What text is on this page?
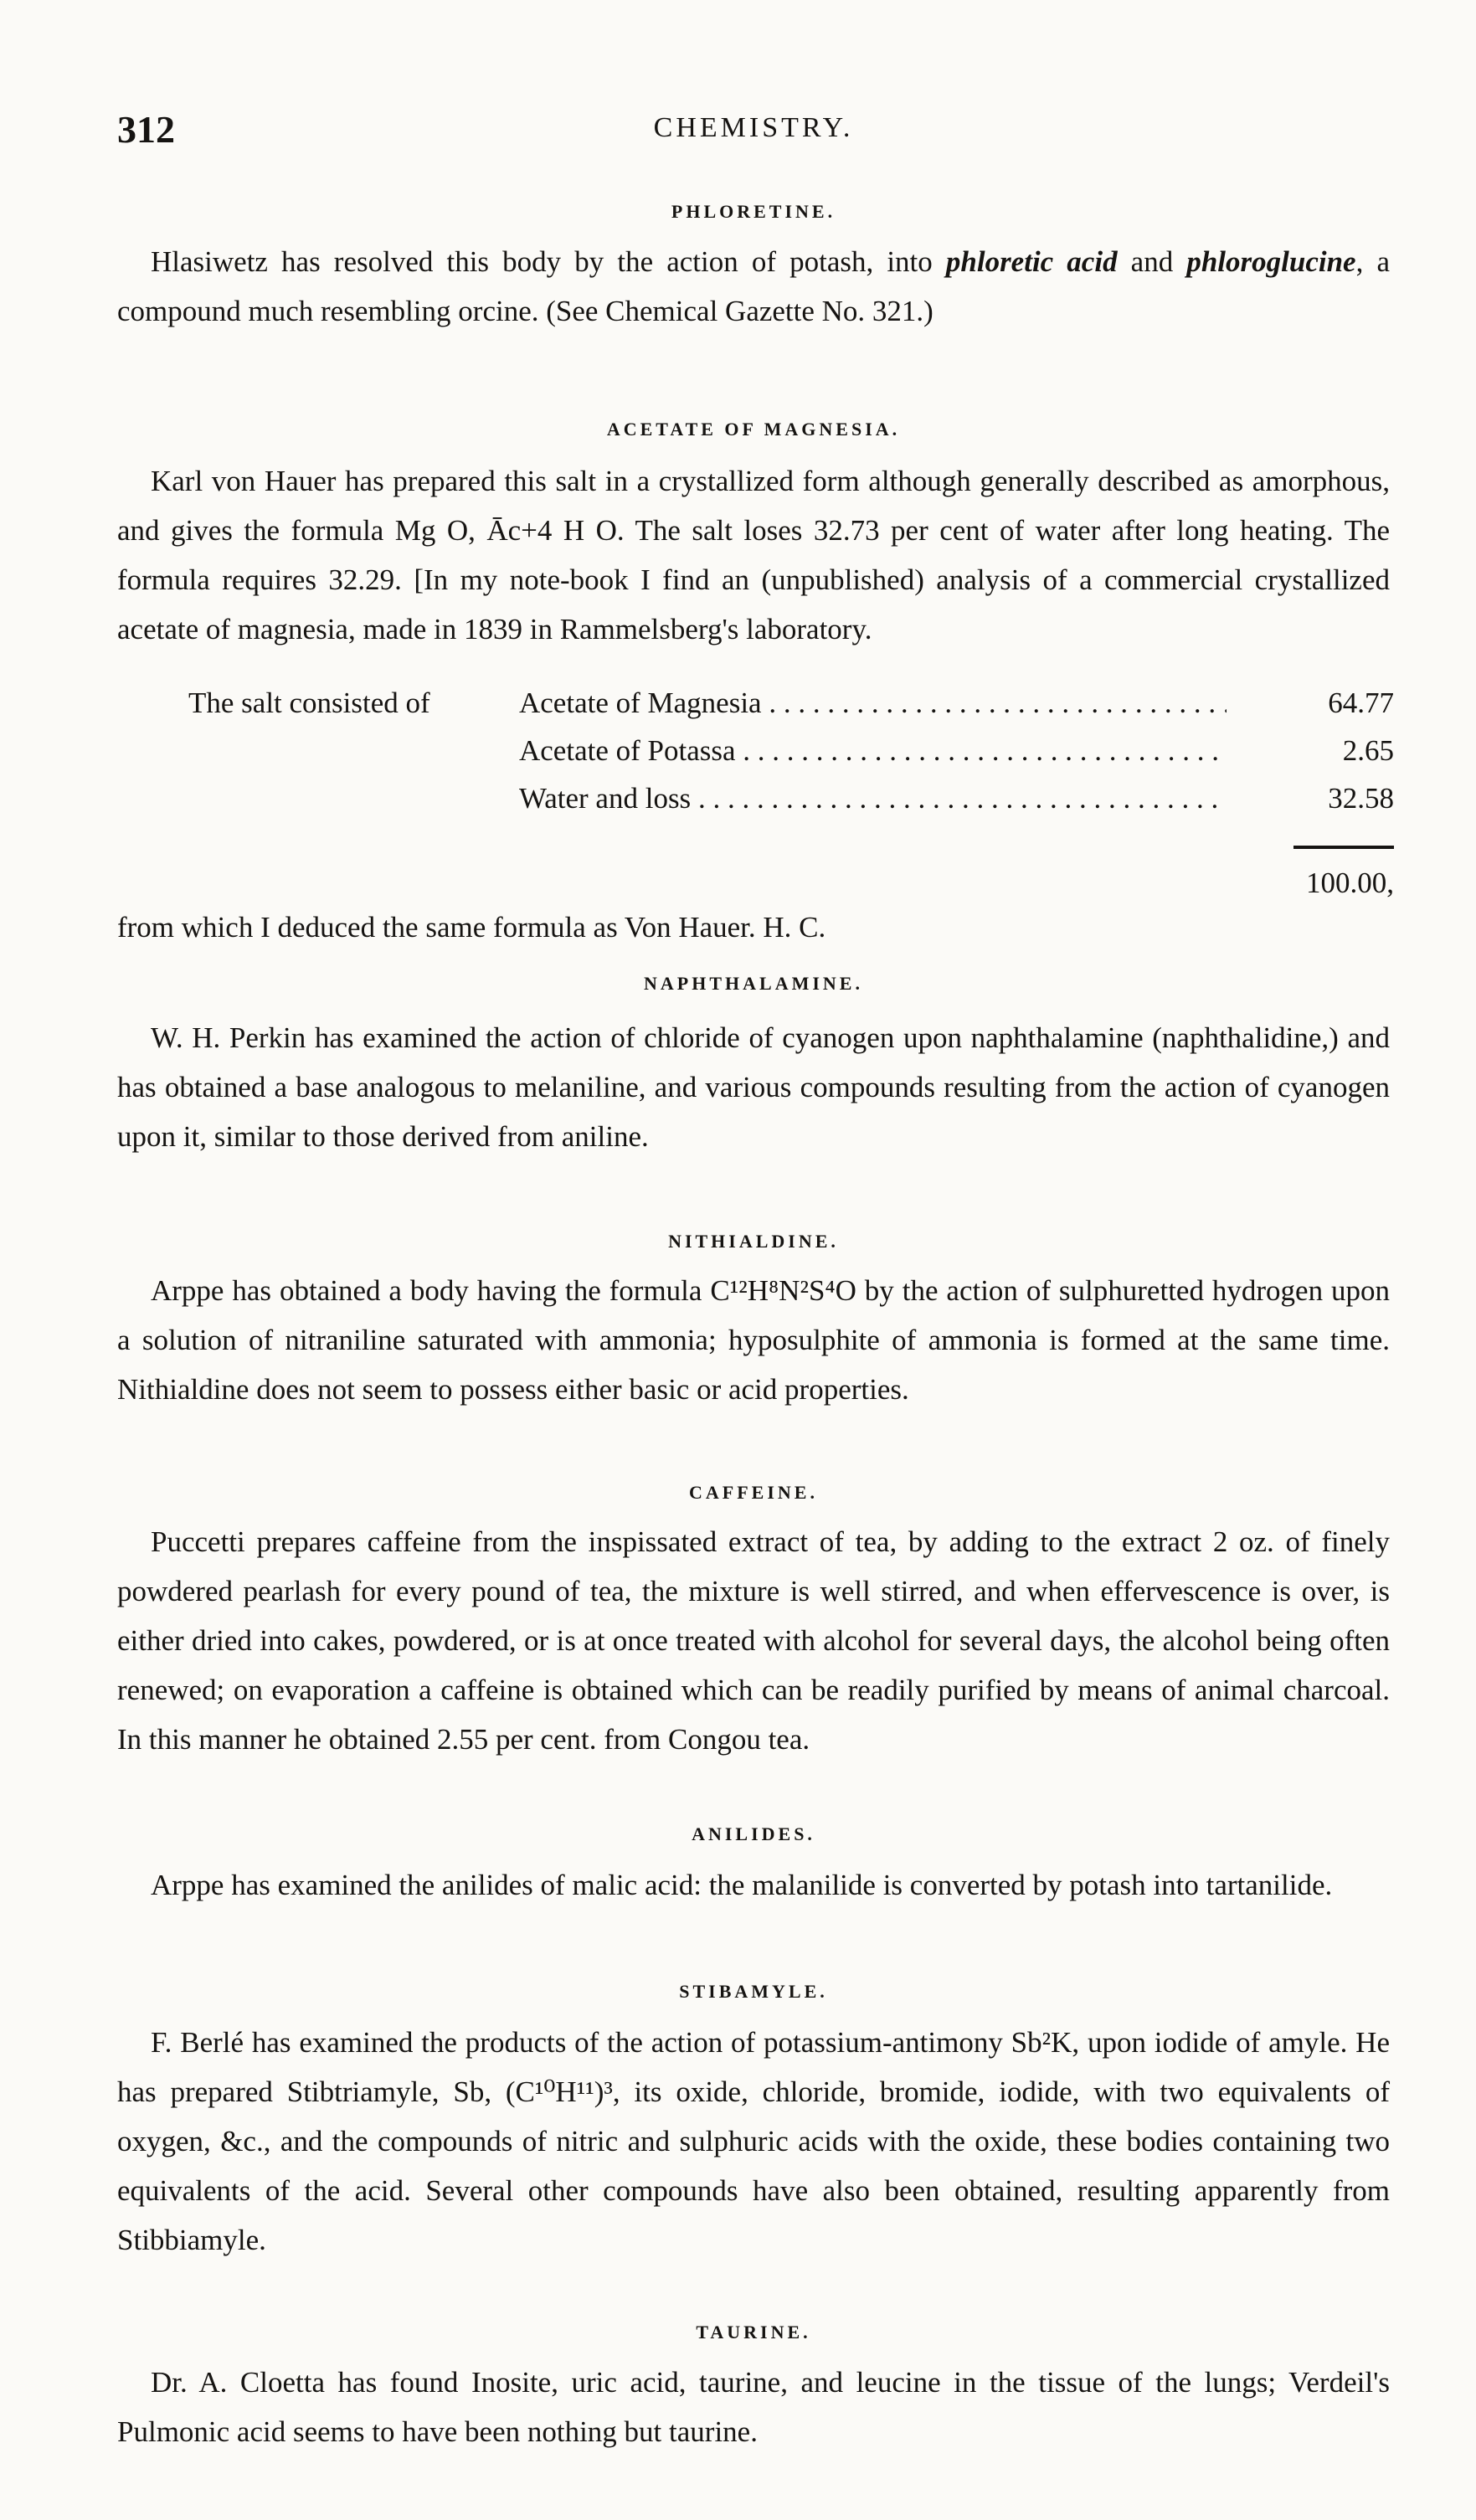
312	CHEMISTRY.
PHLORETINE.

Hlasiwetz has resolved this body by the action of potash, into phloretic acid and phloroglucine, a compound much resembling orcine. (See Chemical Gazette No. 321.)

ACETATE OF MAGNESIA.

Karl von Hauer has prepared this salt in a crystallized form although generally described as amorphous, and gives the formula Mg O, Āc+4 H O. The salt loses 32.73 per cent of water after long heating. The formula requires 32.29. [In my note-book I find an (unpublished) analysis of a commercial crystallized acetate of magnesia, made in 1839 in Rammelsberg's laboratory.

The salt consisted of	Acetate of Magnesia . . .	64.77
Acetate of Potassa . . .	2.65
Water and loss . . .	32.58
100.00,

from which I deduced the same formula as Von Hauer. H. C.

NAPHTHALAMINE.

W. H. Perkin has examined the action of chloride of cyanogen upon naphthalamine (naphthalidine,) and has obtained a base analogous to melaniline, and various compounds resulting from the action of cyanogen upon it, similar to those derived from aniline.

NITHIALDINE.

Arppe has obtained a body having the formula C¹²H⁸N²S⁴O by the action of sulphuretted hydrogen upon a solution of nitraniline saturated with ammonia; hyposulphite of ammonia is formed at the same time. Nithialdine does not seem to possess either basic or acid properties.

CAFFEINE.

Puccetti prepares caffeine from the inspissated extract of tea, by adding to the extract 2 oz. of finely powdered pearlash for every pound of tea, the mixture is well stirred, and when effervescence is over, is either dried into cakes, powdered, or is at once treated with alcohol for several days, the alcohol being often renewed; on evaporation a caffeine is obtained which can be readily purified by means of animal charcoal. In this manner he obtained 2.55 per cent. from Congou tea.

ANILIDES.

Arppe has examined the anilides of malic acid: the malanilide is converted by potash into tartanilide.

STIBAMYLE.

F. Berlé has examined the products of the action of potassium-antimony Sb²K, upon iodide of amyle. He has prepared Stibtriamyle, Sb, (C¹⁰H¹¹)³, its oxide, chloride, bromide, iodide, with two equivalents of oxygen, &c., and the compounds of nitric and sulphuric acids with the oxide, these bodies containing two equivalents of the acid. Several other compounds have also been obtained, resulting apparently from Stibbiamyle.

TAURINE.

Dr. A. Cloetta has found Inosite, uric acid, taurine, and leucine in the tissue of the lungs; Verdeil's Pulmonic acid seems to have been nothing but taurine.
